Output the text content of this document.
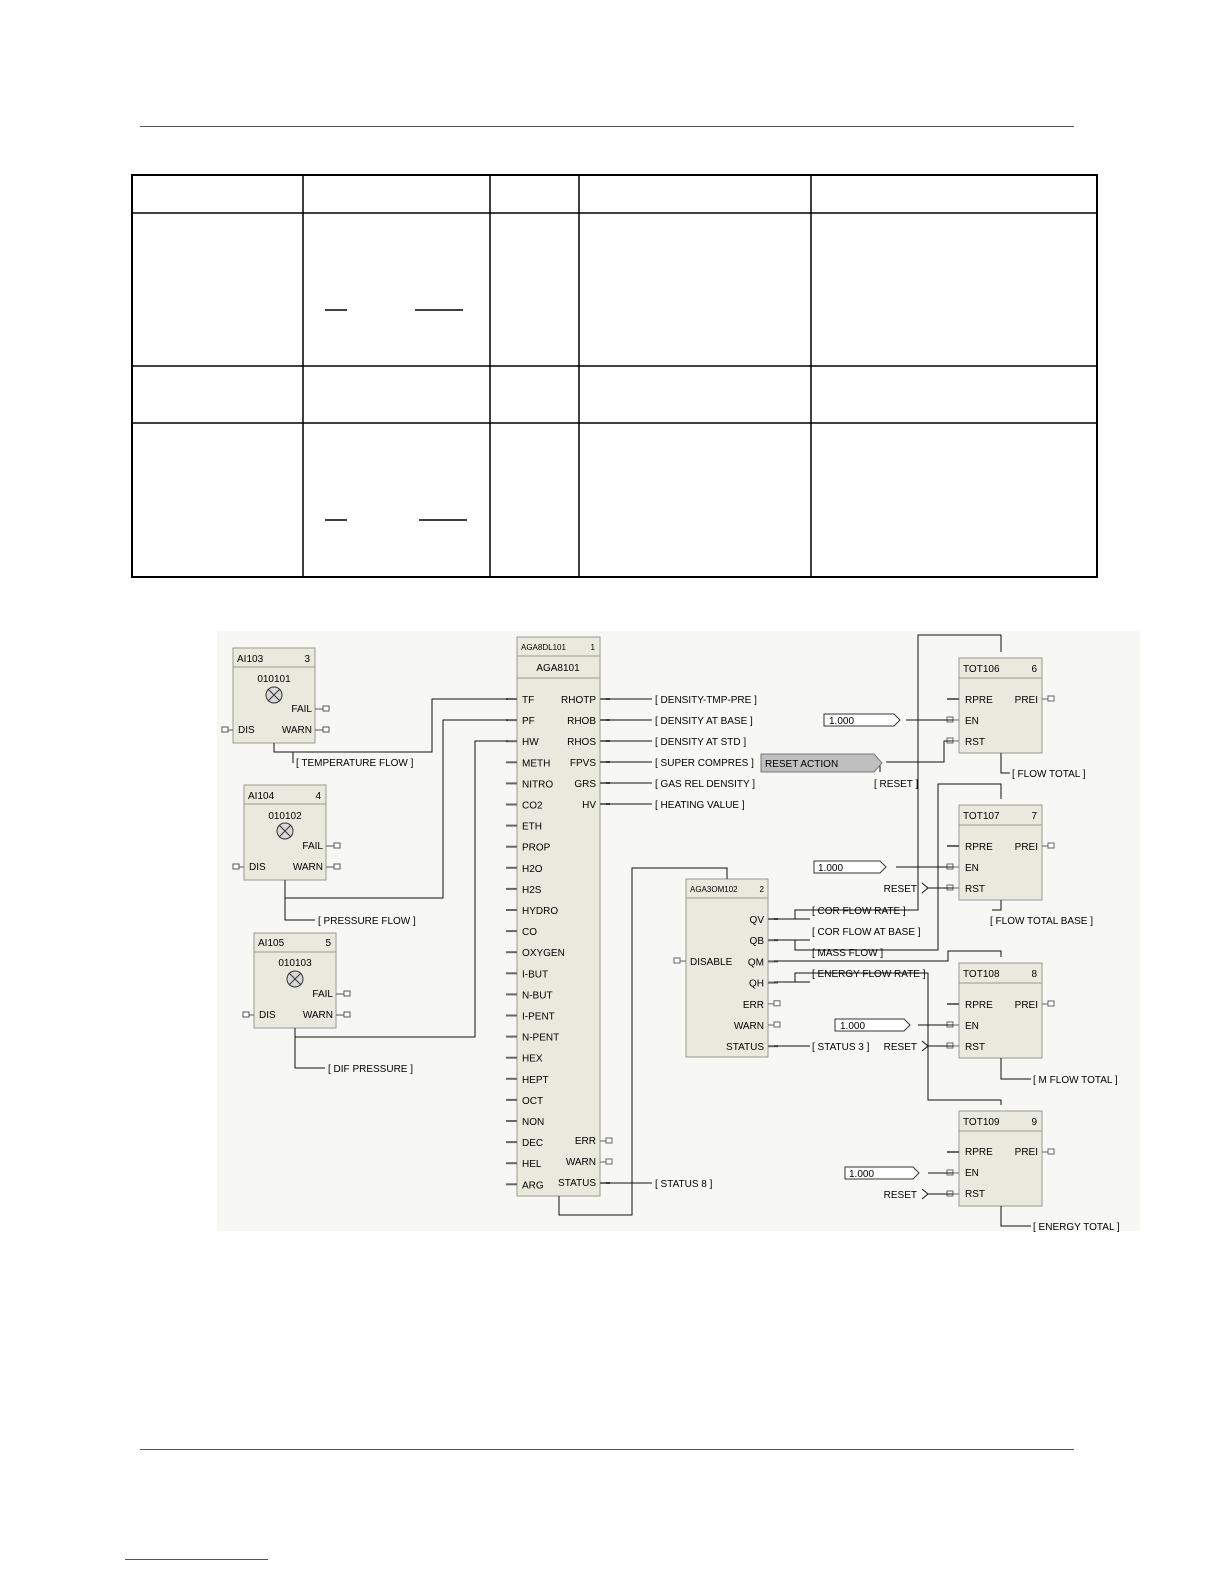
AI103	3
010101
FAIL
WARN
DIS
AI104	4
010102
FAIL
WARN
DIS
AI105	5
010103
FAIL
WARN
DIS
AGA8DL101	1
AGA8101
TF
PF
HW
METH
NITRO
CO2
ETH
PROP
H2O
H2S
HYDRO
CO
OXYGEN
I-BUT
N-BUT
I-PENT
N-PENT
HEX
HEPT
OCT
NON
DEC
HEL
ARG
RHOTP
RHOB
RHOS
FPVS
GRS
HV
ERR
WARN
STATUS
AGA3OM102	2
QV
QB
QM
QH
ERR
WARN
STATUS
DISABLE
TOT106	6
RPRE PREI
EN
RST
TOT107	7
RPRE PREI
EN
RST
TOT108	8
RPRE PREI
EN
RST
TOT109	9
RPRE PREI
EN
RST
[ TEMPERATURE FLOW ]
[ PRESSURE FLOW ]
[ DIF PRESSURE ]
[ DENSITY-TMP-PRE ]
[ DENSITY AT BASE ]
[ DENSITY AT STD ]
[ SUPER COMPRES ]
[ GAS REL DENSITY ]
[ HEATING VALUE ]
[ STATUS 8 ]
[ RESET ]
[ FLOW TOTAL ]
[ FLOW TOTAL BASE ]
[ M FLOW TOTAL ]
[ ENERGY TOTAL ]
[ COR FLOW RATE ]
[ COR FLOW AT BASE ]
[ MASS FLOW ]
[ ENERGY FLOW RATE ]
[ STATUS 3 ]
RESET
RESET
RESET
RESET ACTION
1.000
1.000
1.000
1.000
